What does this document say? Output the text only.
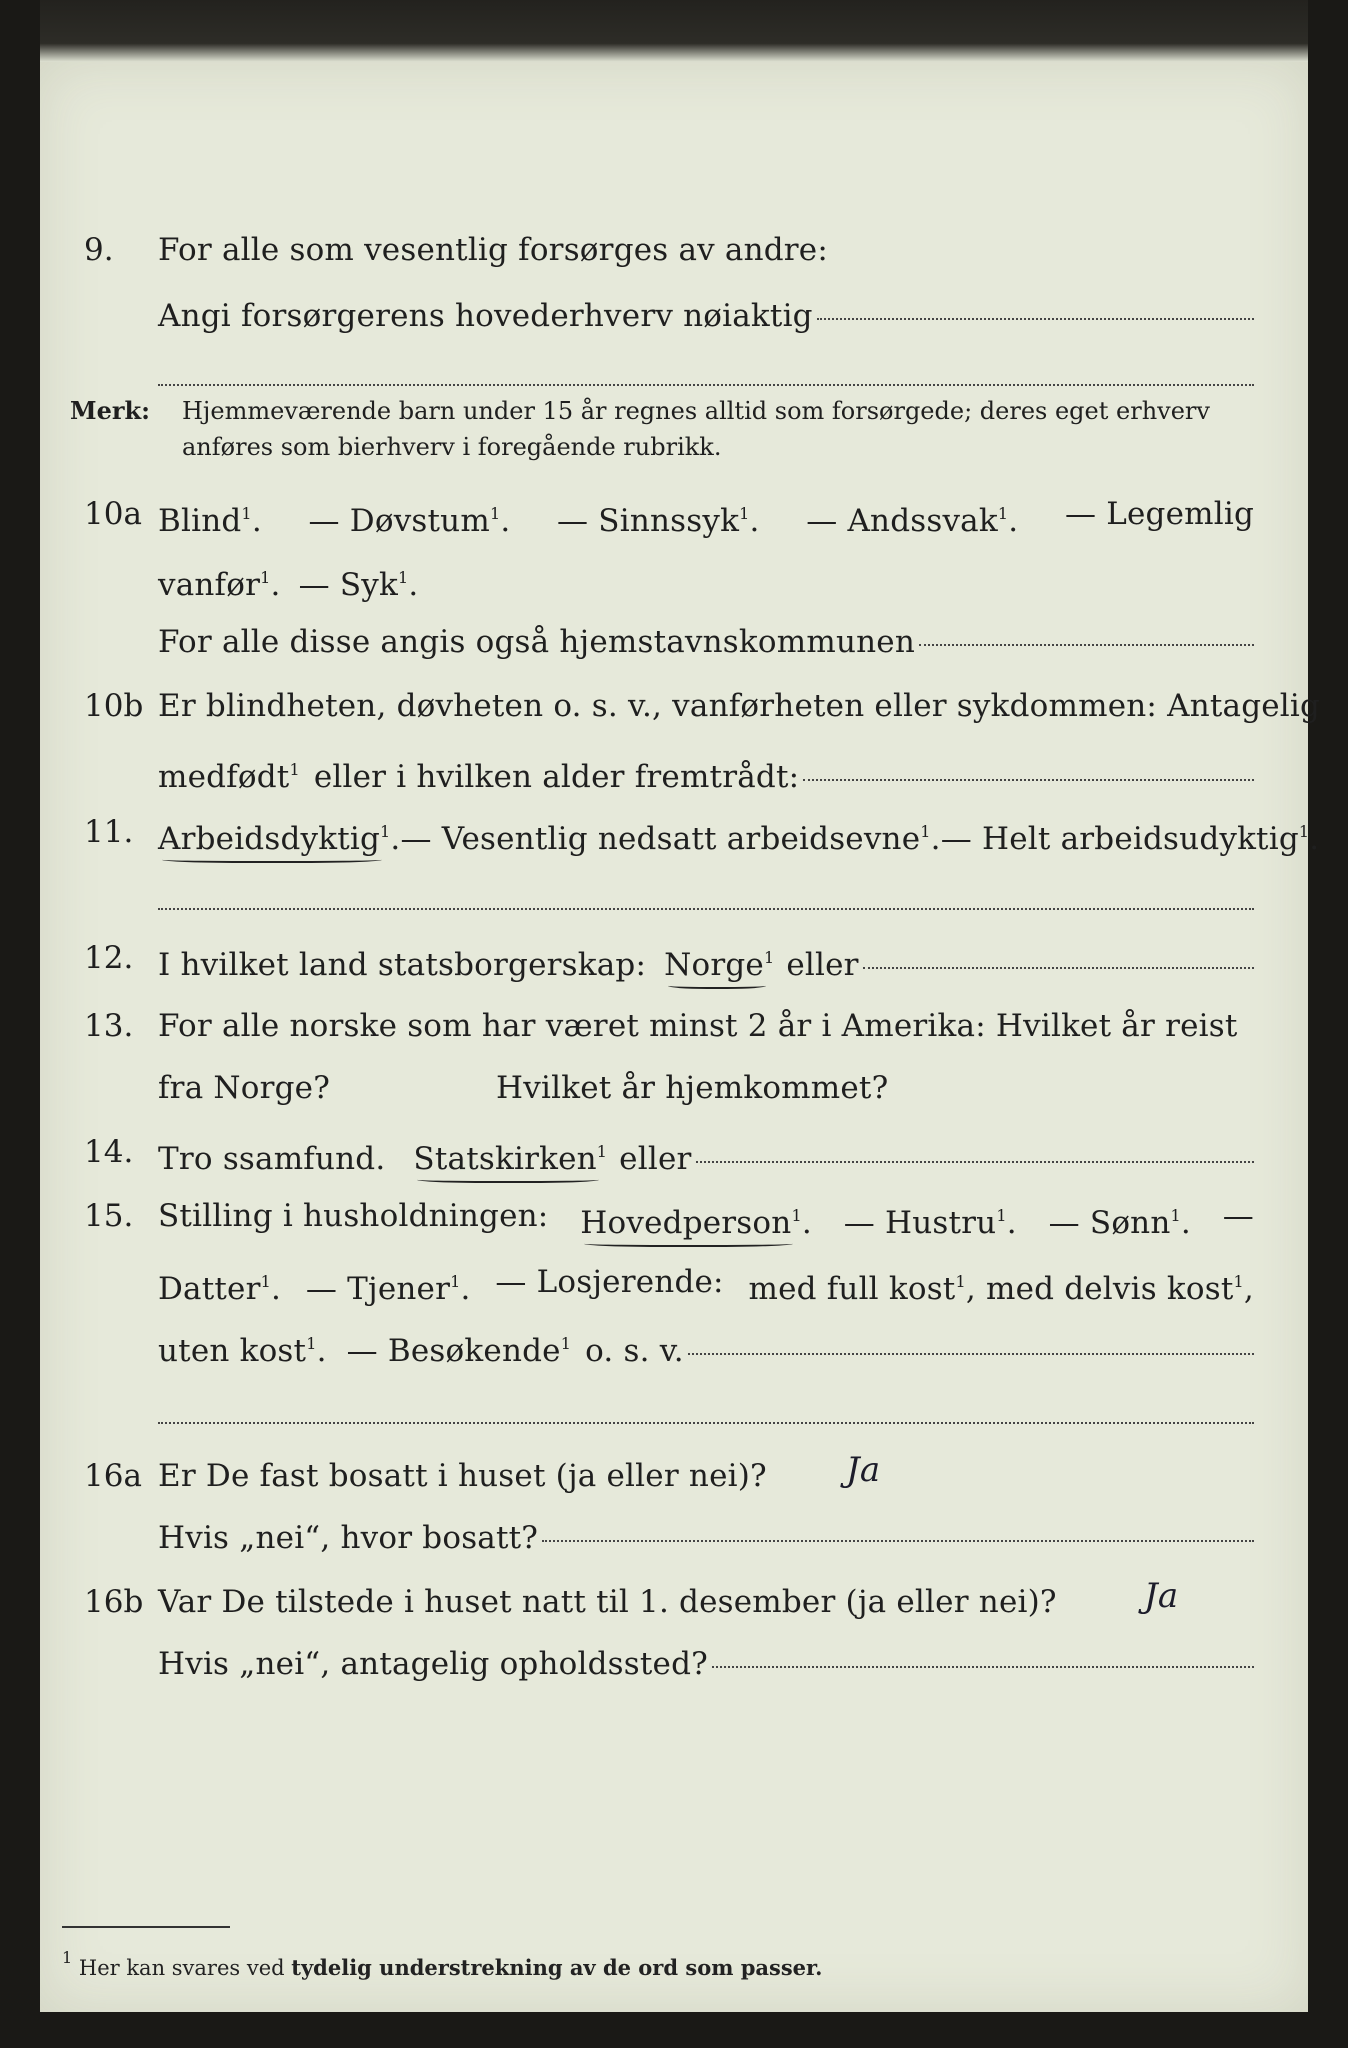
9.	For alle som vesentlig forsørges av andre:
Angi forsørgerens hovederhverv nøiaktig
Merk: Hjemmeværende barn under 15 år regnes alltid som forsørgede; deres eget erhverv
anføres som bierhverv i foregående rubrikk.
10a Blind$^1$. — Døvstum$^1$. — Sinnssyk$^1$. — Andssvak$^1$. — Legemlig
vanfør$^1$. — Syk$^1$.
For alle disse angis også hjemstavnskommunen
10b Er blindheten, døvheten o. s. v., vanførheten eller sykdommen: Antagelig
medfødt$^1$ eller i hvilken alder fremtrådt:
11. Arbeidsdyktig$^1$. — Vesentlig nedsatt arbeidsevne$^1$. — Helt arbeidsudyktig$^1$.
12. I hvilket land statsborgerskap: Norge$^1$ eller
13. For alle norske som har været minst 2 år i Amerika: Hvilket år reist
fra Norge?	Hvilket år hjemkommet?
14. Tro ssamfund. Statskirken$^1$ eller
15. Stilling i husholdningen: Hovedperson$^1$. — Hustru$^1$. — Sønn$^1$. —
Datter$^1$. — Tjener$^1$. — Losjerende: med full kost$^1$, med delvis kost$^1$,
uten kost$^1$. — Besøkende$^1$ o. s. v.
16a Er De fast bosatt i huset (ja eller nei)? Ja
Hvis „nei“, hvor bosatt?
16b Var De tilstede i huset natt til 1. desember (ja eller nei)?	Ja
Hvis „nei“, antagelig opholdssted?
$^1$ Her kan svares ved tydelig understrekning av de ord som passer.
